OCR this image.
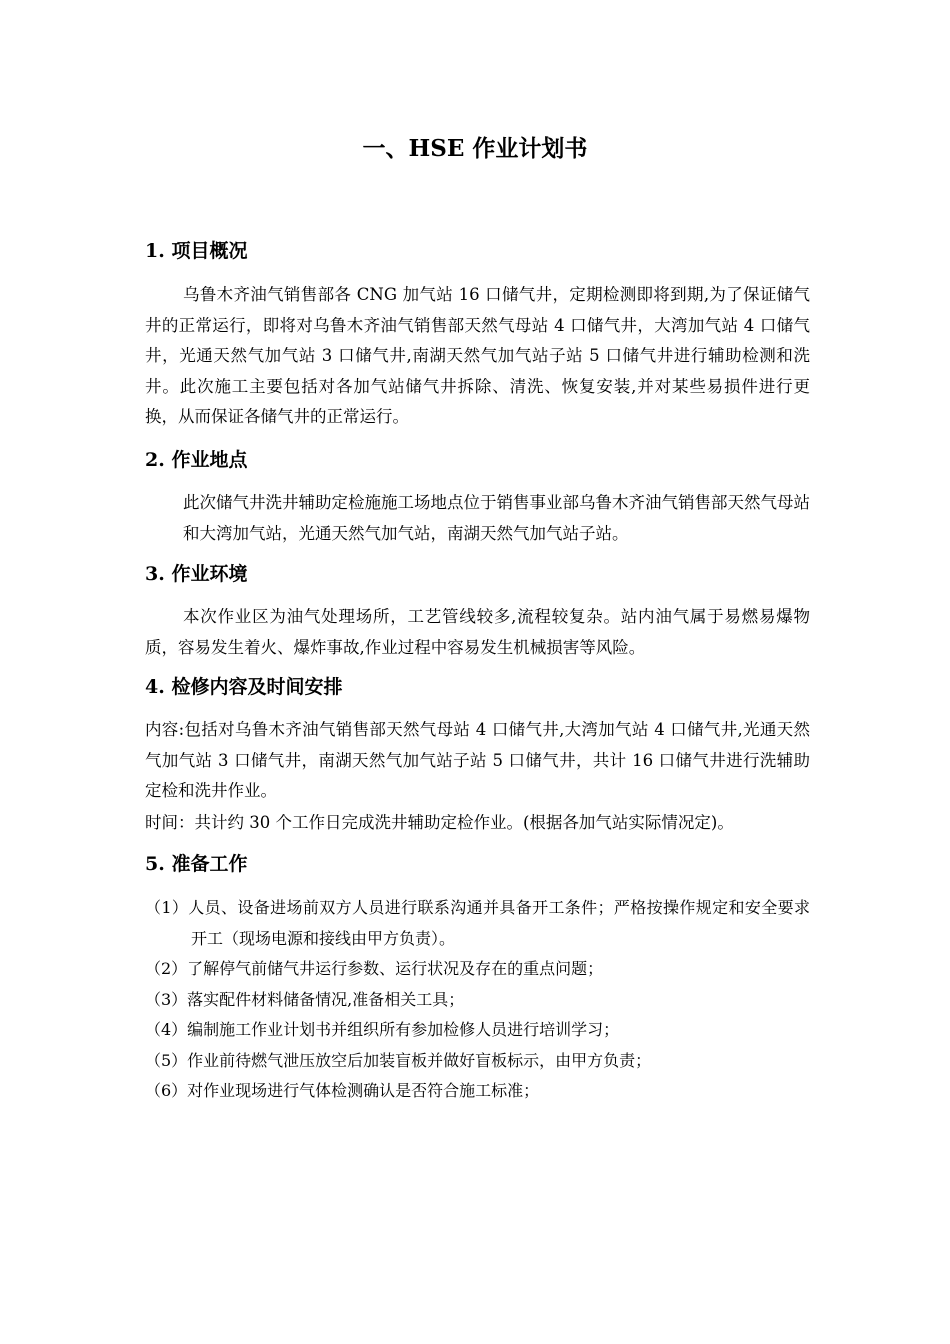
一、HSE 作业计划书
1. 项目概况
乌鲁木齐油气销售部各 CNG 加气站 16 口储气井，定期检测即将到期,为了保证储气井的正常运行，即将对乌鲁木齐油气销售部天然气母站 4 口储气井，大湾加气站 4 口储气井，光通天然气加气站 3 口储气井,南湖天然气加气站子站 5 口储气井进行辅助检测和洗井。此次施工主要包括对各加气站储气井拆除、清洗、恢复安装,并对某些易损件进行更换，从而保证各储气井的正常运行。
2. 作业地点
此次储气井洗井辅助定检施施工场地点位于销售事业部乌鲁木齐油气销售部天然气母站和大湾加气站，光通天然气加气站，南湖天然气加气站子站。
3. 作业环境
本次作业区为油气处理场所，工艺管线较多,流程较复杂。站内油气属于易燃易爆物质，容易发生着火、爆炸事故,作业过程中容易发生机械损害等风险。
4. 检修内容及时间安排
内容:包括对乌鲁木齐油气销售部天然气母站 4 口储气井,大湾加气站 4 口储气井,光通天然气加气站 3 口储气井，南湖天然气加气站子站 5 口储气井，共计 16 口储气井进行洗辅助定检和洗井作业。
时间：共计约 30 个工作日完成洗井辅助定检作业。(根据各加气站实际情况定)。
5. 准备工作
（1）人员、设备进场前双方人员进行联系沟通并具备开工条件；严格按操作规定和安全要求开工（现场电源和接线由甲方负责）。
（2）了解停气前储气井运行参数、运行状况及存在的重点问题；
（3）落实配件材料储备情况,准备相关工具；
（4）编制施工作业计划书并组织所有参加检修人员进行培训学习；
（5）作业前待燃气泄压放空后加装盲板并做好盲板标示，由甲方负责；
（6）对作业现场进行气体检测确认是否符合施工标准；
